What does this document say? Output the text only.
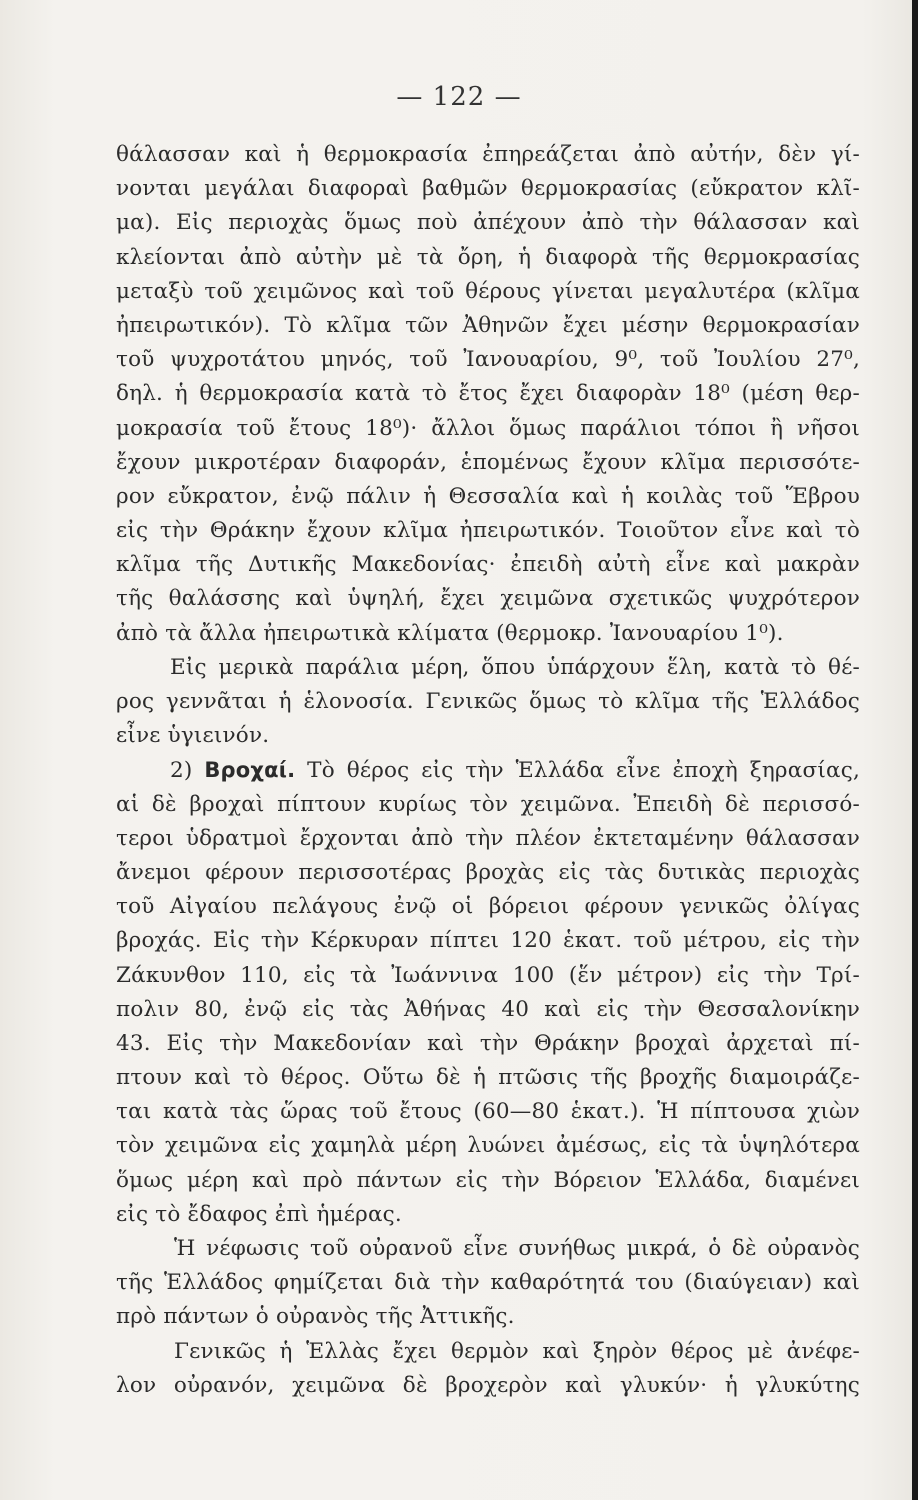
— 122 —
θάλασσαν καὶ ἡ θερμοκρασία ἐπηρεάζεται ἀπὸ αὐτήν, δὲν γί-
νονται μεγάλαι διαφοραὶ βαθμῶν θερμοκρασίας (εὔκρατον κλῖ-
μα). Εἰς περιοχὰς ὅμως ποὺ ἀπέχουν ἀπὸ τὴν θάλασσαν καὶ
κλείονται ἀπὸ αὐτὴν μὲ τὰ ὄρη, ἡ διαφορὰ τῆς θερμοκρασίας
μεταξὺ τοῦ χειμῶνος καὶ τοῦ θέρους γίνεται μεγαλυτέρα (κλῖμα
ἠπειρωτικόν). Τὸ κλῖμα τῶν Ἀθηνῶν ἔχει μέσην θερμοκρασίαν
τοῦ ψυχροτάτου μηνός, τοῦ Ἰανουαρίου, 9⁰, τοῦ Ἰουλίου 27⁰,
δηλ. ἡ θερμοκρασία κατὰ τὸ ἔτος ἔχει διαφορὰν 18⁰ (μέση θερ-
μοκρασία τοῦ ἔτους 18⁰)· ἄλλοι ὅμως παράλιοι τόποι ἢ νῆσοι
ἔχουν μικροτέραν διαφοράν, ἑπομένως ἔχουν κλῖμα περισσότε-
ρον εὔκρατον, ἐνῷ πάλιν ἡ Θεσσαλία καὶ ἡ κοιλὰς τοῦ Ἕβρου
εἰς τὴν Θράκην ἔχουν κλῖμα ἠπειρωτικόν. Τοιοῦτον εἶνε καὶ τὸ
κλῖμα τῆς Δυτικῆς Μακεδονίας· ἐπειδὴ αὐτὴ εἶνε καὶ μακρὰν
τῆς θαλάσσης καὶ ὑψηλή, ἔχει χειμῶνα σχετικῶς ψυχρότερον
ἀπὸ τὰ ἄλλα ἠπειρωτικὰ κλίματα (θερμοκρ. Ἰανουαρίου 1⁰).
Εἰς μερικὰ παράλια μέρη, ὅπου ὑπάρχουν ἕλη, κατὰ τὸ θέ-
ρος γεννᾶται ἡ ἑλονοσία. Γενικῶς ὅμως τὸ κλῖμα τῆς Ἑλλάδος
εἶνε ὑγιεινόν.
2) Βροχαί. Τὸ θέρος εἰς τὴν Ἑλλάδα εἶνε ἐποχὴ ξηρασίας,
αἱ δὲ βροχαὶ πίπτουν κυρίως τὸν χειμῶνα. Ἐπειδὴ δὲ περισσό-
τεροι ὑδρατμοὶ ἔρχονται ἀπὸ τὴν πλέον ἐκτεταμένην θάλασσαν
ἄνεμοι φέρουν περισσοτέρας βροχὰς εἰς τὰς δυτικὰς περιοχὰς
τοῦ Αἰγαίου πελάγους ἐνῷ οἱ βόρειοι φέρουν γενικῶς ὀλίγας
βροχάς. Εἰς τὴν Κέρκυραν πίπτει 120 ἑκατ. τοῦ μέτρου, εἰς τὴν
Ζάκυνθον 110, εἰς τὰ Ἰωάννινα 100 (ἕν μέτρον) εἰς τὴν Τρί-
πολιν 80, ἐνῷ εἰς τὰς Ἀθήνας 40 καὶ εἰς τὴν Θεσσαλονίκην
43. Εἰς τὴν Μακεδονίαν καὶ τὴν Θράκην βροχαὶ ἀρχεταὶ πί-
πτουν καὶ τὸ θέρος. Οὕτω δὲ ἡ πτῶσις τῆς βροχῆς διαμοιράζε-
ται κατὰ τὰς ὥρας τοῦ ἔτους (60—80 ἑκατ.). Ἡ πίπτουσα χιὼν
τὸν χειμῶνα εἰς χαμηλὰ μέρη λυώνει ἀμέσως, εἰς τὰ ὑψηλότερα
ὅμως μέρη καὶ πρὸ πάντων εἰς τὴν Βόρειον Ἑλλάδα, διαμένει
εἰς τὸ ἔδαφος ἐπὶ ἡμέρας.
Ἡ νέφωσις τοῦ οὐρανοῦ εἶνε συνήθως μικρά, ὁ δὲ οὐρανὸς
τῆς Ἑλλάδος φημίζεται διὰ τὴν καθαρότητά του (διαύγειαν) καὶ
πρὸ πάντων ὁ οὐρανὸς τῆς Ἀττικῆς.
Γενικῶς ἡ Ἑλλὰς ἔχει θερμὸν καὶ ξηρὸν θέρος μὲ ἀνέφε-
λον οὐρανόν, χειμῶνα δὲ βροχερὸν καὶ γλυκύν· ἡ γλυκύτης
